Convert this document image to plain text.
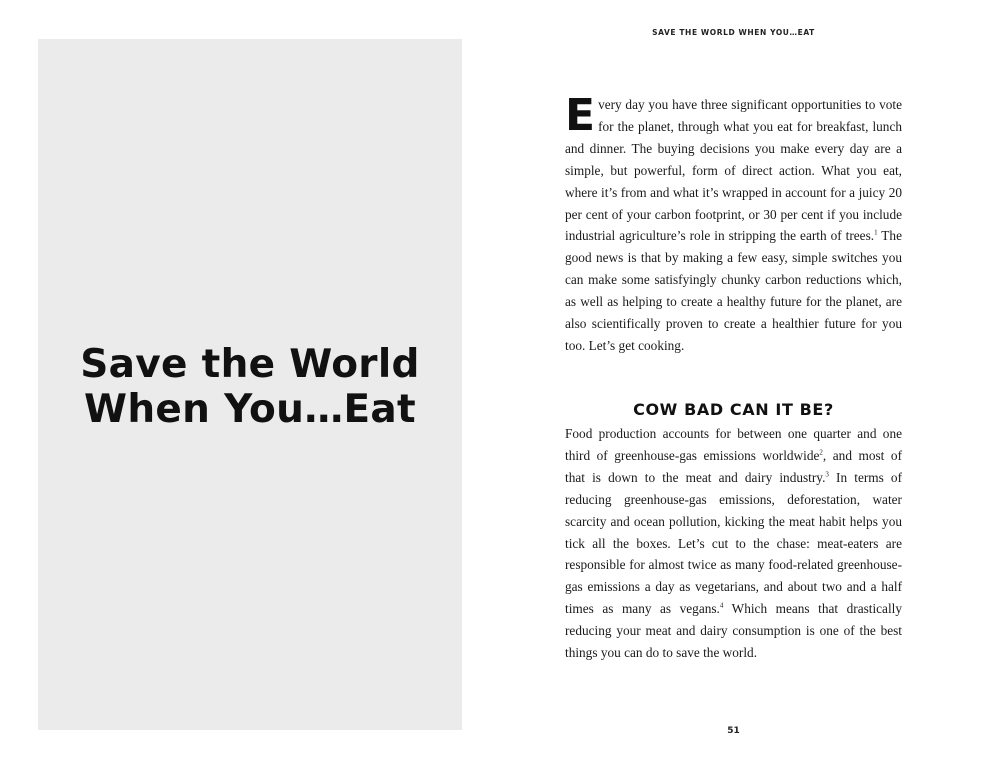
Save the World
When You…Eat
SAVE THE WORLD WHEN YOU…EAT

Every day you have three significant opportunities to vote for the planet, through what you eat for breakfast, lunch and dinner. The buying decisions you make every day are a simple, but powerful, form of direct action. What you eat, where it’s from and what it’s wrapped in account for a juicy 20 per cent of your carbon footprint, or 30 per cent if you include industrial agriculture’s role in stripping the earth of trees.$^1$ The good news is that by making a few easy, simple switches you can make some satisfyingly chunky carbon reductions which, as well as helping to create a healthy future for the planet, are also scientifically proven to create a healthier future for you too. Let’s get cooking.

COW BAD CAN IT BE?

Food production accounts for between one quarter and one third of greenhouse-gas emissions worldwide$^2$, and most of that is down to the meat and dairy industry.$^3$ In terms of reducing greenhouse-gas emissions, deforestation, water scarcity and ocean pollution, kicking the meat habit helps you tick all the boxes. Let’s cut to the chase: meat-eaters are responsible for almost twice as many food-related greenhouse-gas emissions a day as vegetarians, and about two and a half times as many as vegans.$^4$ Which means that drastically reducing your meat and dairy consumption is one of the best things you can do to save the world.

51
